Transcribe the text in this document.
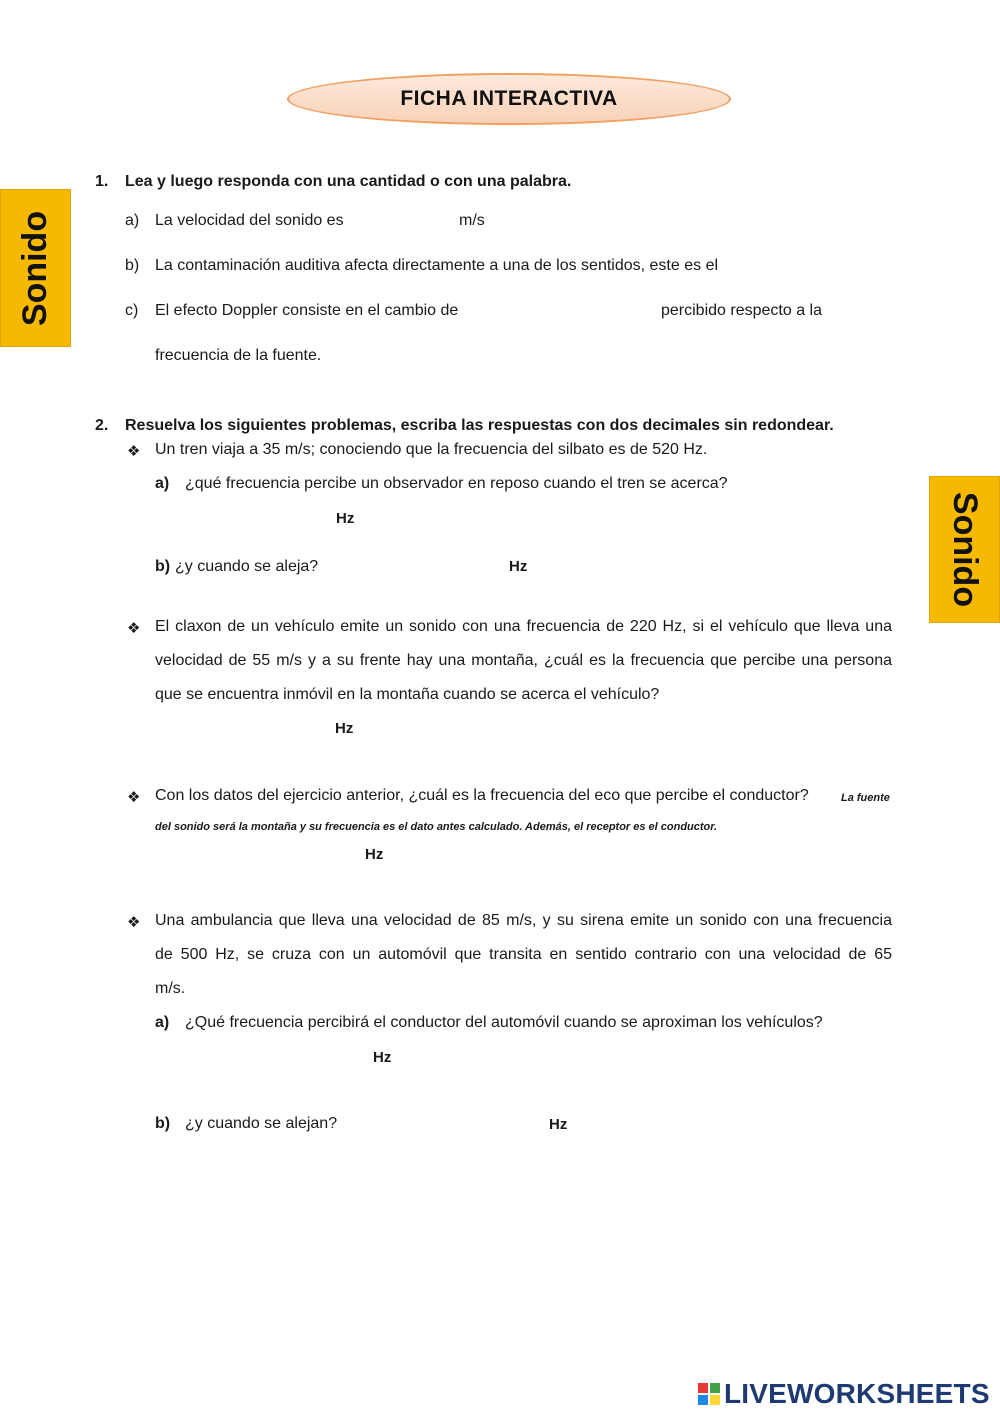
FICHA INTERACTIVA
Sonido
Sonido
1. Lea y luego responda con una cantidad o con una palabra.
a) La velocidad del sonido es	m/s
b) La contaminación auditiva afecta directamente a una de los sentidos, este es el
c) El efecto Doppler consiste en el cambio de	percibido respecto a la
frecuencia de la fuente.
2. Resuelva los siguientes problemas, escriba las respuestas con dos decimales sin redondear.
❖ Un tren viaja a 35 m/s; conociendo que la frecuencia del silbato es de 520 Hz.
a) ¿qué frecuencia percibe un observador en reposo cuando el tren se acerca?
Hz
b) ¿y cuando se aleja?	Hz
❖ El claxon de un vehículo emite un sonido con una frecuencia de 220 Hz, si el vehículo que lleva una
velocidad de 55 m/s y a su frente hay una montaña, ¿cuál es la frecuencia que percibe una persona
que se encuentra inmóvil en la montaña cuando se acerca el vehículo?
Hz
❖ Con los datos del ejercicio anterior, ¿cuál es la frecuencia del eco que percibe el conductor?	La fuente
del sonido será la montaña y su frecuencia es el dato antes calculado. Además, el receptor es el conductor.
Hz
❖ Una ambulancia que lleva una velocidad de 85 m/s, y su sirena emite un sonido con una frecuencia
de 500 Hz, se cruza con un automóvil que transita en sentido contrario con una velocidad de 65
m/s.
a) ¿Qué frecuencia percibirá el conductor del automóvil cuando se aproximan los vehículos?
Hz
b) ¿y cuando se alejan?	Hz
LIVEWORKSHEETS
